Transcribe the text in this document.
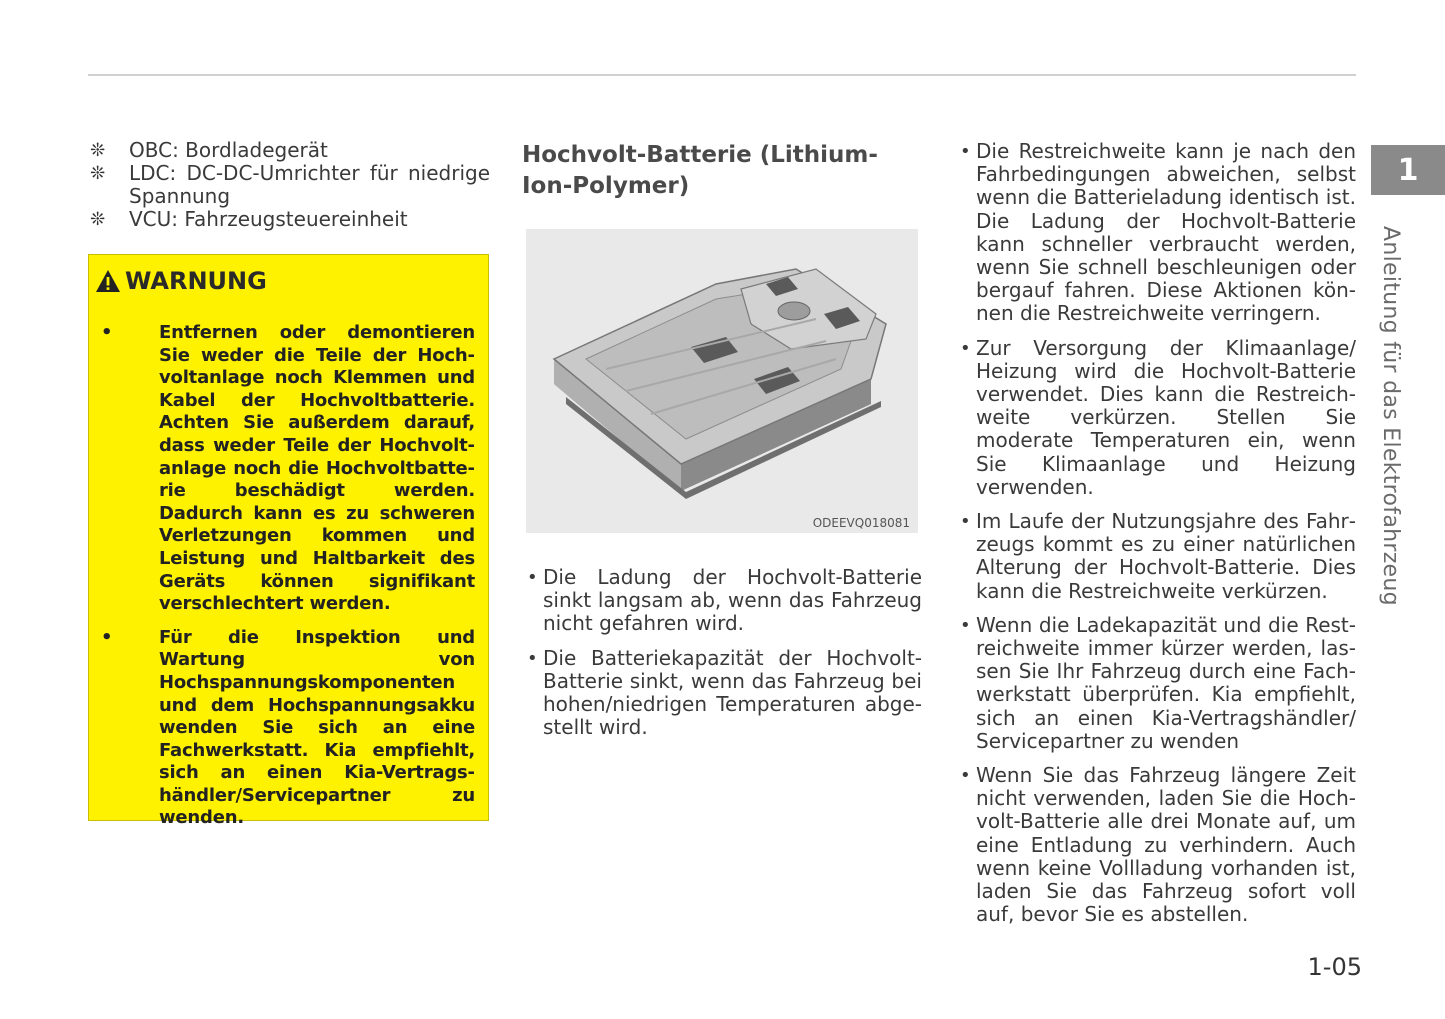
❊	OBC: Bordladegerät
❊	LDC: DC-DC-Umrichter für niedrige Spannung
❊	VCU: Fahrzeugsteuereinheit
WARNUNG
•	Entfernen oder demontieren Sie weder die Teile der Hochvoltanlage noch Klemmen und Kabel der Hochvoltbatterie. Achten Sie außerdem darauf, dass weder Teile der Hochvoltanlage noch die Hochvoltbatterie beschädigt werden. Dadurch kann es zu schweren Verletzungen kommen und Leistung und Haltbarkeit des Geräts können signifikant verschlechtert werden.
•	Für die Inspektion und Wartung von Hochspannungskomponenten und dem Hochspannungsakku wenden Sie sich an eine Fachwerkstatt. Kia empfiehlt, sich an einen Kia-Vertragshändler/Servicepartner zu wenden.
Hochvolt-Batterie (Lithium-Ion-Polymer)
ODEEVQ018081
• Die Ladung der Hochvolt-Batterie sinkt langsam ab, wenn das Fahrzeug nicht gefahren wird.
• Die Batteriekapazität der Hochvolt-Batterie sinkt, wenn das Fahrzeug bei hohen/niedrigen Temperaturen abgestellt wird.
• Die Restreichweite kann je nach den Fahrbedingungen abweichen, selbst wenn die Batterieladung identisch ist. Die Ladung der Hochvolt-Batterie kann schneller verbraucht werden, wenn Sie schnell beschleunigen oder bergauf fahren. Diese Aktionen können die Restreichweite verringern.
• Zur Versorgung der Klimaanlage/ Heizung wird die Hochvolt-Batterie verwendet. Dies kann die Restreichweite verkürzen. Stellen Sie moderate Temperaturen ein, wenn Sie Klimaanlage und Heizung verwenden.
• Im Laufe der Nutzungsjahre des Fahrzeugs kommt es zu einer natürlichen Alterung der Hochvolt-Batterie. Dies kann die Restreichweite verkürzen.
• Wenn die Ladekapazität und die Restreichweite immer kürzer werden, lassen Sie Ihr Fahrzeug durch eine Fachwerkstatt überprüfen. Kia empfiehlt, sich an einen Kia-Vertragshändler/ Servicepartner zu wenden
• Wenn Sie das Fahrzeug längere Zeit nicht verwenden, laden Sie die Hochvolt-Batterie alle drei Monate auf, um eine Entladung zu verhindern. Auch wenn keine Vollladung vorhanden ist, laden Sie das Fahrzeug sofort voll auf, bevor Sie es abstellen.
1
Anleitung für das Elektrofahrzeug
1-05
